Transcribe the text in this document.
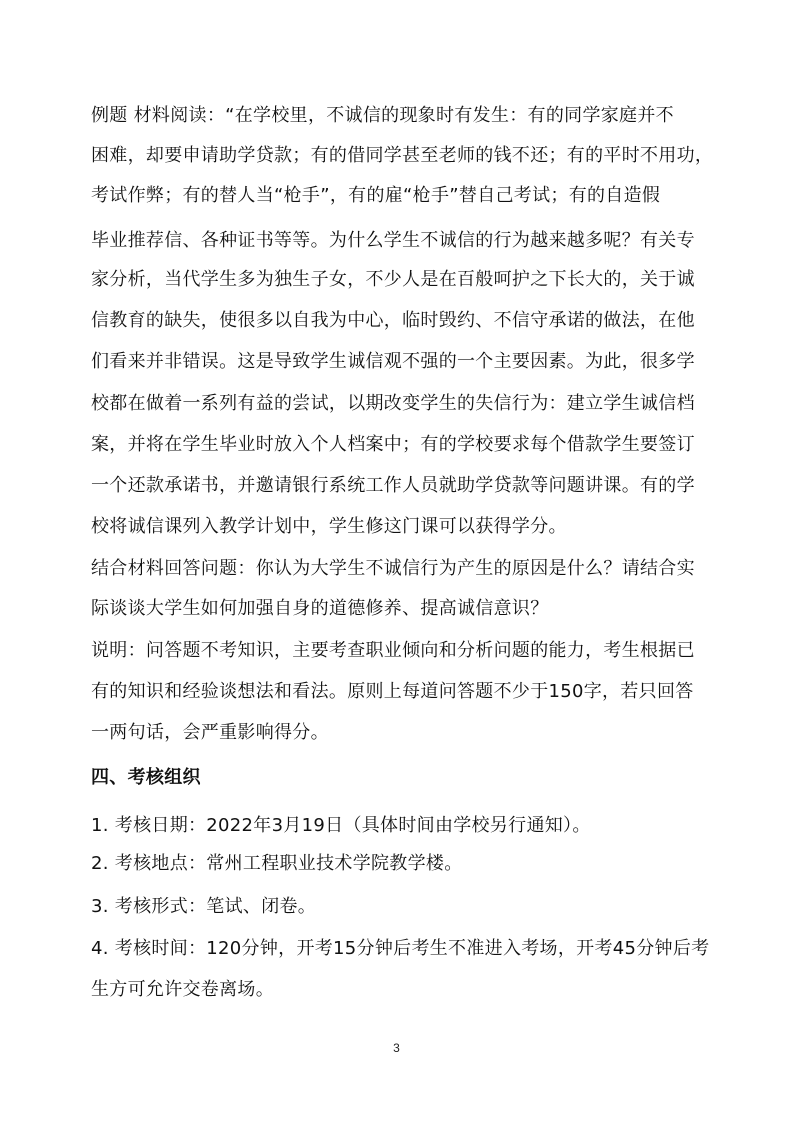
例题 材料阅读：“在学校里，不诚信的现象时有发生：有的同学家庭并不
困难，却要申请助学贷款；有的借同学甚至老师的钱不还；有的平时不用功，
考试作弊；有的替人当“枪手”，有的雇“枪手”替自己考试；有的自造假
毕业推荐信、各种证书等等。为什么学生不诚信的行为越来越多呢？有关专
家分析，当代学生多为独生子女，不少人是在百般呵护之下长大的，关于诚
信教育的缺失，使很多以自我为中心，临时毁约、不信守承诺的做法，在他
们看来并非错误。这是导致学生诚信观不强的一个主要因素。为此，很多学
校都在做着一系列有益的尝试，以期改变学生的失信行为：建立学生诚信档
案，并将在学生毕业时放入个人档案中；有的学校要求每个借款学生要签订
一个还款承诺书，并邀请银行系统工作人员就助学贷款等问题讲课。有的学
校将诚信课列入教学计划中，学生修这门课可以获得学分。
结合材料回答问题：你认为大学生不诚信行为产生的原因是什么？请结合实
际谈谈大学生如何加强自身的道德修养、提高诚信意识？
说明：问答题不考知识，主要考查职业倾向和分析问题的能力，考生根据已
有的知识和经验谈想法和看法。原则上每道问答题不少于150字，若只回答
一两句话，会严重影响得分。
四、考核组织
1. 考核日期：2022年3月19日（具体时间由学校另行通知）。
2. 考核地点：常州工程职业技术学院教学楼。
3. 考核形式：笔试、闭卷。
4. 考核时间：120分钟，开考15分钟后考生不准进入考场，开考45分钟后考
生方可允许交卷离场。
3
